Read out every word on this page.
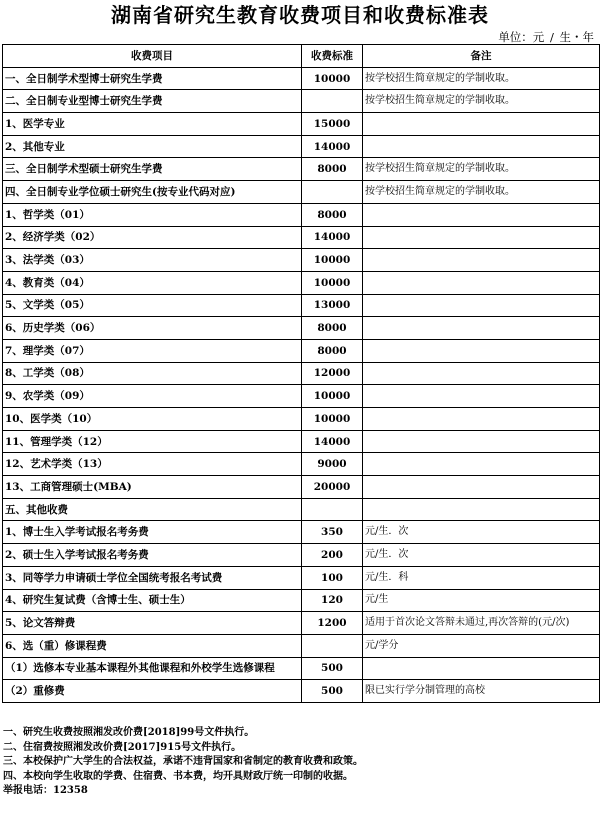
湖南省研究生教育收费项目和收费标准表
单位：元 / 生・年
收费项目	收费标准	备注
一、全日制学术型博士研究生学费	10000	按学校招生简章规定的学制收取。
二、全日制专业型博士研究生学费		按学校招生简章规定的学制收取。
1、医学专业	15000	
2、其他专业	14000	
三、全日制学术型硕士研究生学费	8000	按学校招生简章规定的学制收取。
四、全日制专业学位硕士研究生(按专业代码对应)		按学校招生简章规定的学制收取。
1、哲学类（01）	8000	
2、经济学类（02）	14000	
3、法学类（03）	10000	
4、教育类（04）	10000	
5、文学类（05）	13000	
6、历史学类（06）	8000	
7、理学类（07）	8000	
8、工学类（08）	12000	
9、农学类（09）	10000	
10、医学类（10）	10000	
11、管理学类（12）	14000	
12、艺术学类（13）	9000	
13、工商管理硕士(MBA)	20000	
五、其他收费		
1、博士生入学考试报名考务费	350	元/生．次
2、硕士生入学考试报名考务费	200	元/生．次
3、同等学力申请硕士学位全国统考报名考试费	100	元/生．科
4、研究生复试费（含博士生、硕士生）	120	元/生
5、论文答辩费	1200	适用于首次论文答辩未通过,再次答辩的(元/次)
6、选（重）修课程费		元/学分
（1）选修本专业基本课程外其他课程和外校学生选修课程	500	
（2）重修费	500	限已实行学分制管理的高校
一、研究生收费按照湘发改价费[2018]99号文件执行。
二、住宿费按照湘发改价费[2017]915号文件执行。
三、本校保护广大学生的合法权益，承诺不违背国家和省制定的教育收费和政策。
四、本校向学生收取的学费、住宿费、书本费，均开具财政厅统一印制的收据。
举报电话：12358
